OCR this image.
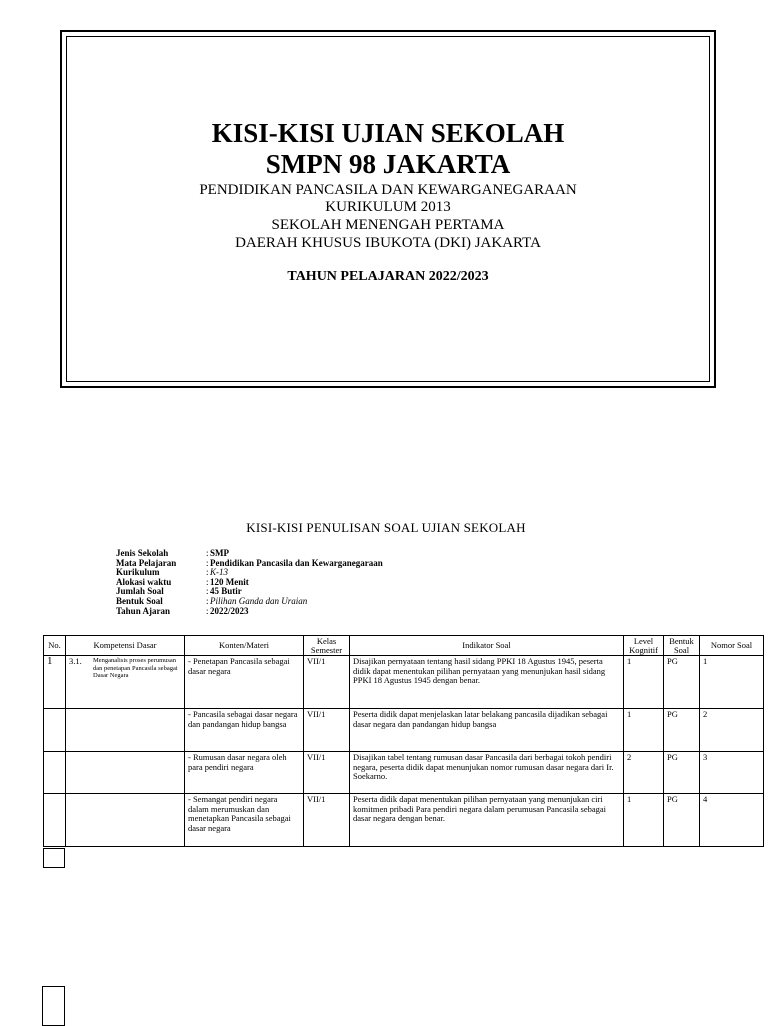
KISI-KISI UJIAN SEKOLAH
SMPN 98 JAKARTA
PENDIDIKAN PANCASILA DAN KEWARGANEGARAAN
KURIKULUM 2013
SEKOLAH MENENGAH PERTAMA
DAERAH KHUSUS IBUKOTA (DKI) JAKARTA
TAHUN PELAJARAN 2022/2023
KISI-KISI PENULISAN SOAL UJIAN SEKOLAH
Jenis Sekolah	: SMP
Mata Pelajaran	: Pendidikan Pancasila dan Kewarganegaraan
Kurikulum	: K-13
Alokasi waktu	: 120 Menit
Jumlah Soal	: 45 Butir
Bentuk Soal	: Pilihan Ganda dan Uraian
Tahun Ajaran	: 2022/2023
No.	Kompetensi Dasar	Konten/Materi	Kelas Semester	Indikator Soal	Level Kognitif	Bentuk Soal	Nomor Soal
1	3.1. Menganalisis proses perumusan dan penetapan Pancasila sebagai Dasar Negara	- Penetapan Pancasila sebagai dasar negara	VII/1	Disajikan pernyataan tentang hasil sidang PPKI 18 Agustus 1945, peserta didik dapat menentukan pilihan pernyataan yang menunjukan hasil sidang PPKI 18 Agustus 1945 dengan benar.	1	PG	1
		- Pancasila sebagai dasar negara dan pandangan hidup bangsa	VII/1	Peserta didik dapat menjelaskan latar belakang pancasila dijadikan sebagai dasar negara dan pandangan hidup bangsa	1	PG	2
		- Rumusan dasar negara oleh para pendiri negara	VII/1	Disajikan tabel tentang rumusan dasar Pancasila dari berbagai tokoh pendiri negara, peserta didik dapat menunjukan nomor rumusan dasar negara dari Ir. Soekarno.	2	PG	3
		- Semangat pendiri negara dalam merumuskan dan menetapkan Pancasila sebagai dasar negara	VII/1	Peserta didik dapat menentukan pilihan pernyataan yang menunjukan ciri komitmen pribadi Para pendiri negara dalam perumusan Pancasila sebagai dasar negara dengan benar.	1	PG	4
